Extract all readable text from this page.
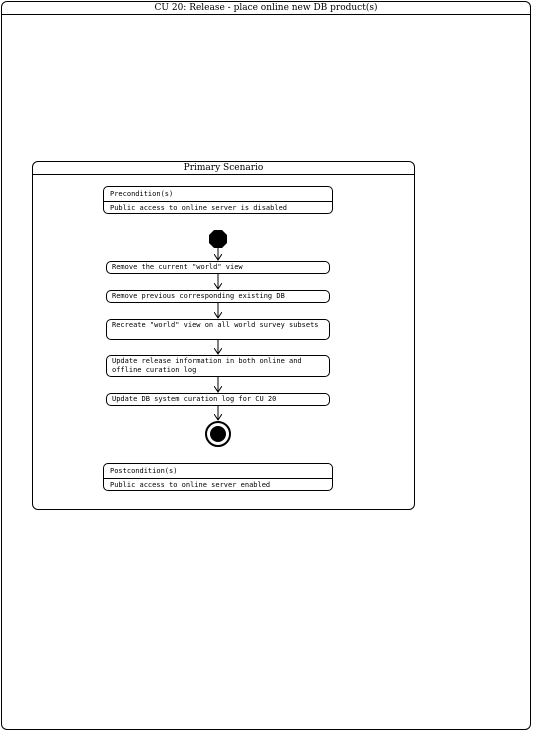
CU 20: Release - place online new DB product(s)
Primary Scenario
Precondition(s)
Public access to online server is disabled
Remove the current "world" view
Remove previous corresponding existing DB
Recreate "world" view on all world survey subsets
Update release information in both online and offline curation log
Update DB system curation log for CU 20
Postcondition(s)
Public access to online server enabled
